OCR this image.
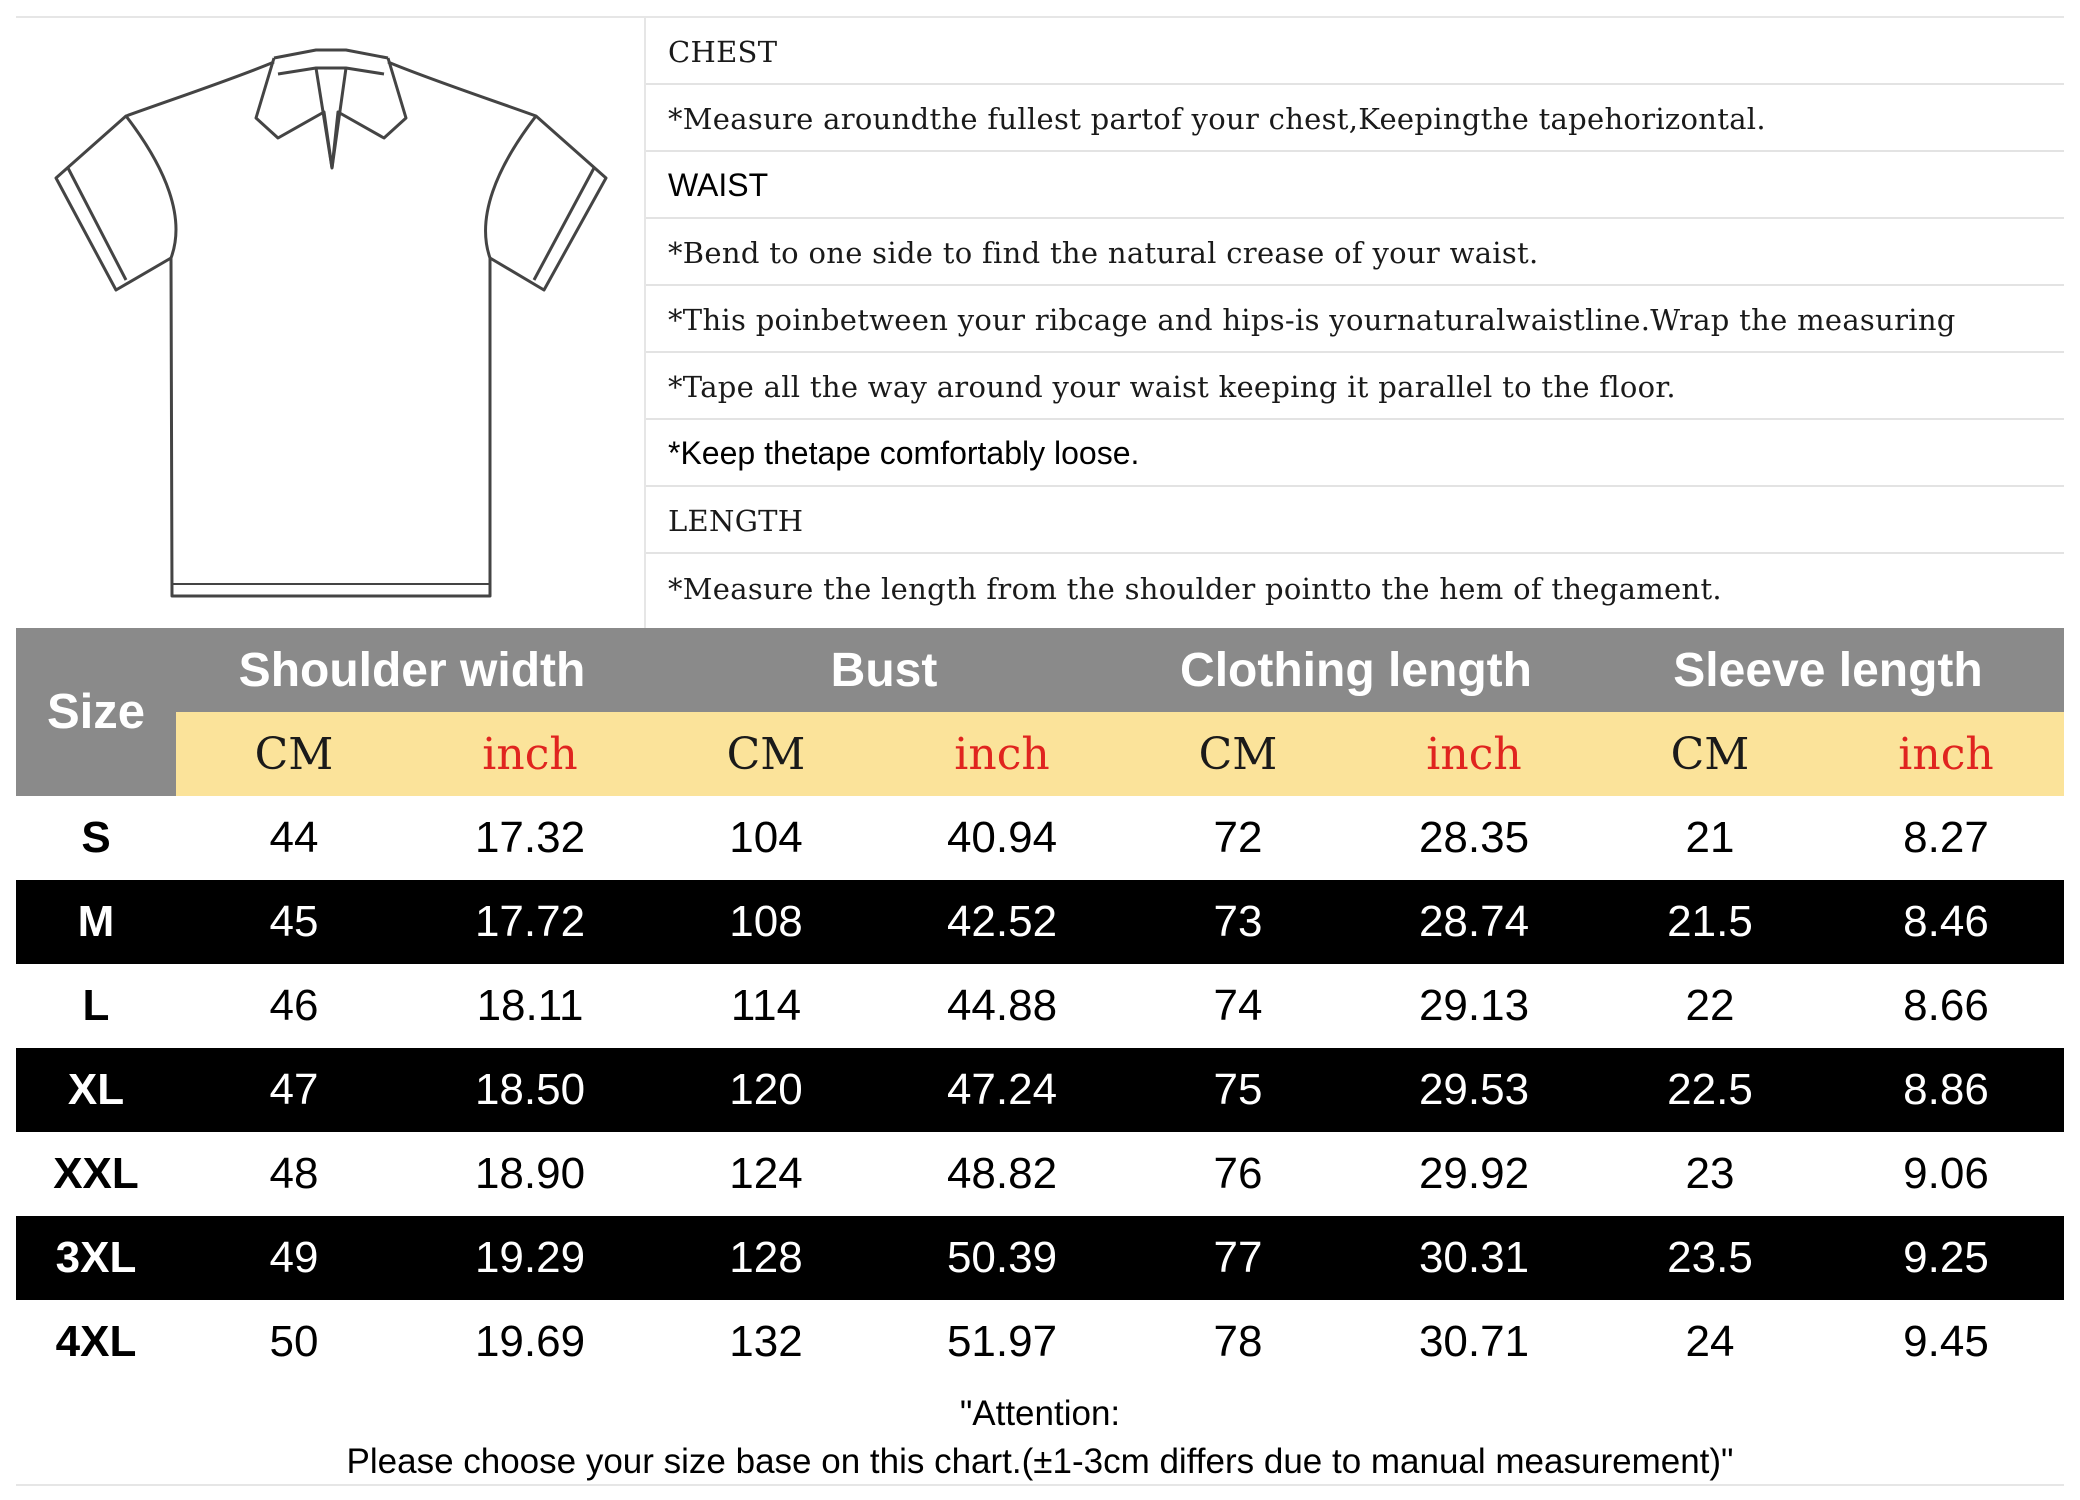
CHEST
*Measure aroundthe fullest partof your chest,Keepingthe tapehorizontal.
WAIST
*Bend to one side to find the natural crease of your waist.
*This poinbetween your ribcage and hips-is yournaturalwaistline.Wrap the measuring
*Tape all the way around your waist keeping it parallel to the floor.
*Keep thetape comfortably loose.
LENGTH
*Measure the length from the shoulder pointto the hem of thegament.
Size
Shoulder width	Bust	Clothing length	Sleeve length
CM	inch	CM	inch	CM	inch	CM	inch
S	44	17.32	104	40.94	72	28.35	21	8.27
M	45	17.72	108	42.52	73	28.74	21.5	8.46
L	46	18.11	114	44.88	74	29.13	22	8.66
XL	47	18.50	120	47.24	75	29.53	22.5	8.86
XXL	48	18.90	124	48.82	76	29.92	23	9.06
3XL	49	19.29	128	50.39	77	30.31	23.5	9.25
4XL	50	19.69	132	51.97	78	30.71	24	9.45
"Attention:
Please choose your size base on this chart.(±1-3cm differs due to manual measurement)"
